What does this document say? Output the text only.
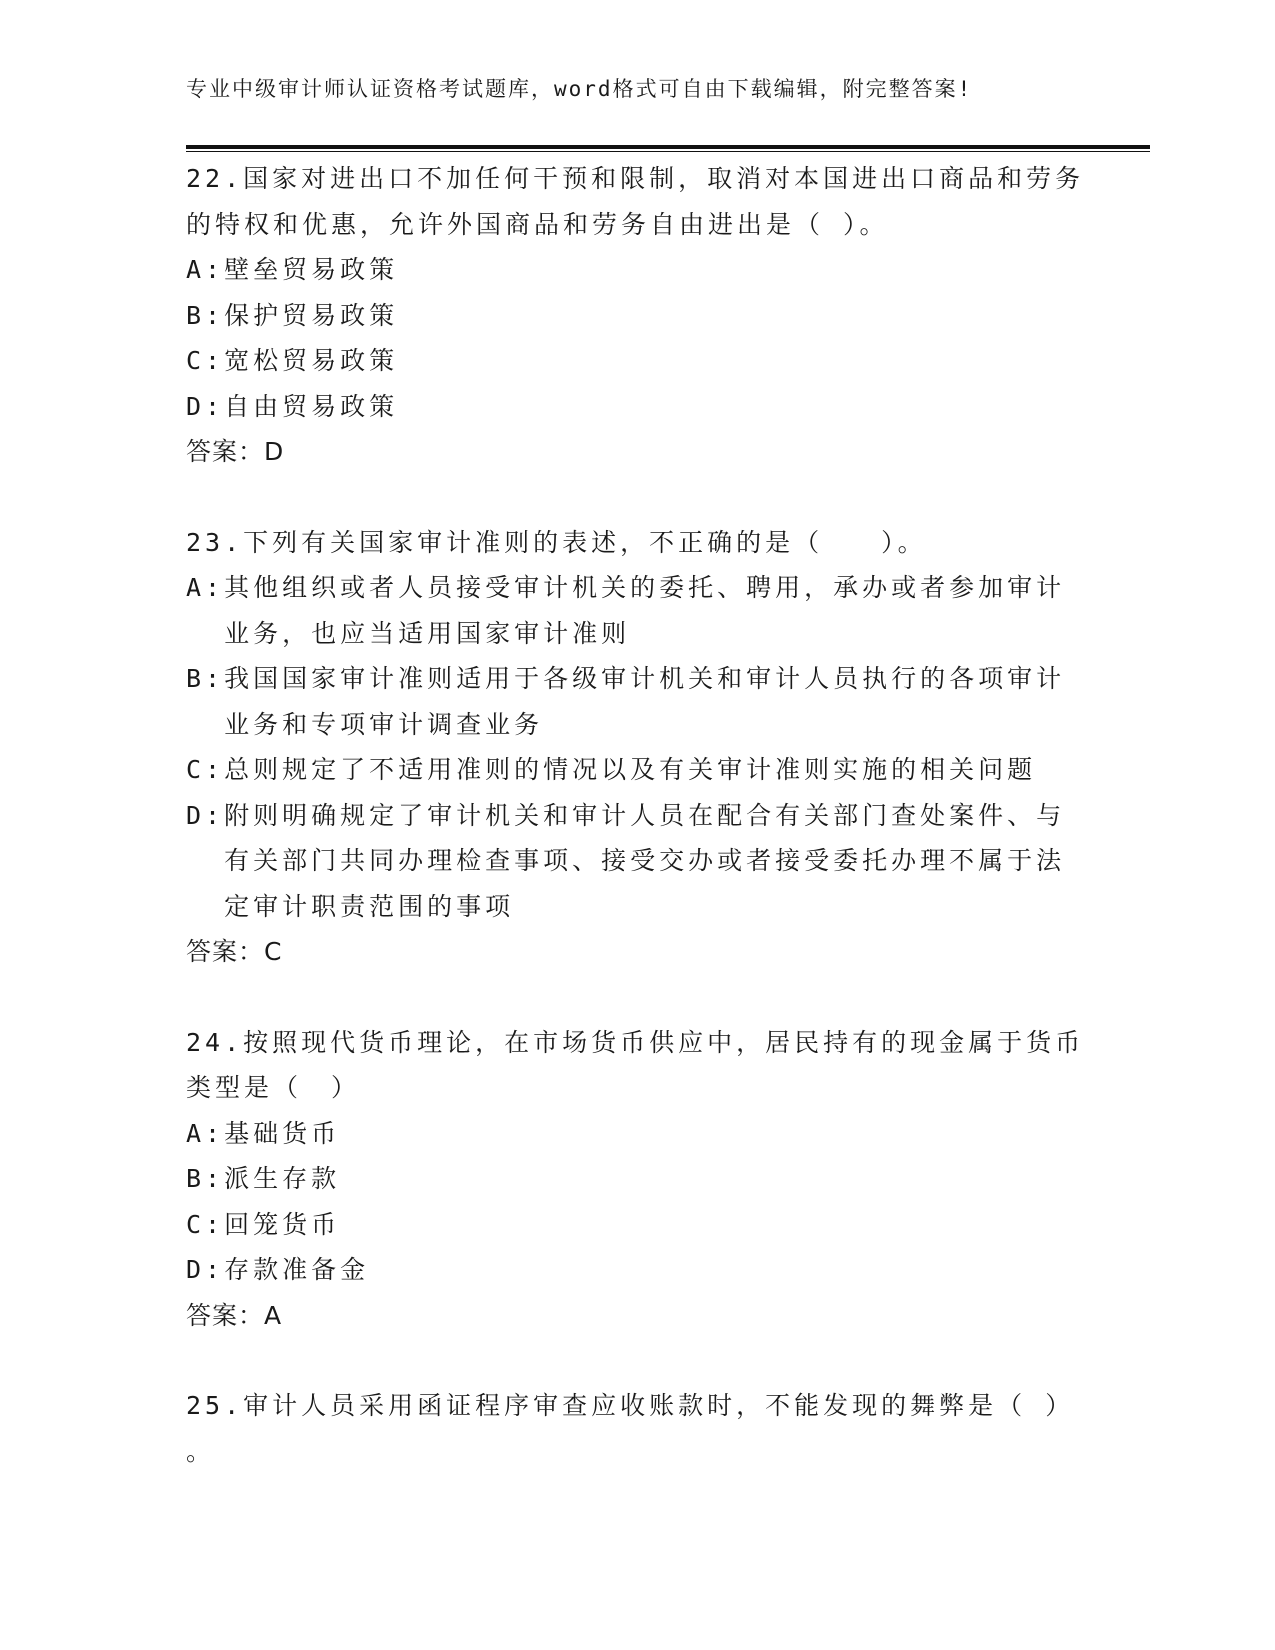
专业中级审计师认证资格考试题库，word格式可自由下载编辑，附完整答案!

22.国家对进出口不加任何干预和限制，取消对本国进出口商品和劳务的特权和优惠，允许外国商品和劳务自由进出是（ ）。

A: 壁垒贸易政策
B: 保护贸易政策
C: 宽松贸易政策
D: 自由贸易政策

答案：D

23.下列有关国家审计准则的表述，不正确的是（　　）。

A: 其他组织或者人员接受审计机关的委托、聘用，承办或者参加审计业务，也应当适用国家审计准则
B: 我国国家审计准则适用于各级审计机关和审计人员执行的各项审计业务和专项审计调查业务
C: 总则规定了不适用准则的情况以及有关审计准则实施的相关问题
D: 附则明确规定了审计机关和审计人员在配合有关部门查处案件、与有关部门共同办理检查事项、接受交办或者接受委托办理不属于法定审计职责范围的事项

答案：C

24.按照现代货币理论，在市场货币供应中，居民持有的现金属于货币类型是（　）

A: 基础货币
B: 派生存款
C: 回笼货币
D: 存款准备金

答案：A

25.审计人员采用函证程序审查应收账款时，不能发现的舞弊是（ ）

。
